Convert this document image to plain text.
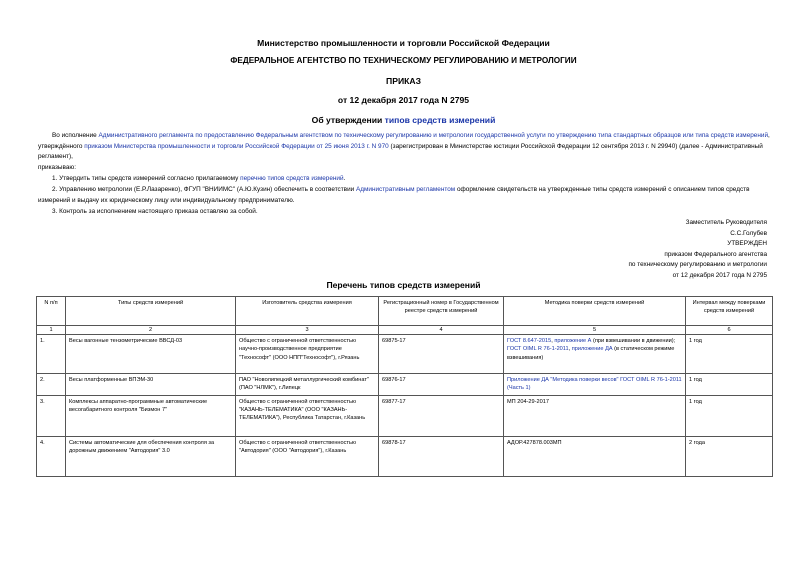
Министерство промышленности и торговли Российской Федерации
ФЕДЕРАЛЬНОЕ АГЕНТСТВО ПО ТЕХНИЧЕСКОМУ РЕГУЛИРОВАНИЮ И МЕТРОЛОГИИ
ПРИКАЗ
от 12 декабря 2017 года N 2795
Об утверждении типов средств измерений
Во исполнение Административного регламента по предоставлению Федеральным агентством по техническому регулированию и метрологии государственной услуги по утверждению типа стандартных образцов или типа средств измерений, утверждённого приказом Министерства промышленности и торговли Российской Федерации от 25 июня 2013 г. N 970 (зарегистрирован в Министерстве юстиции Российской Федерации 12 сентября 2013 г. N 29940) (далее - Административный регламент),
приказываю:
1. Утвердить типы средств измерений согласно прилагаемому перечню типов средств измерений.
2. Управлению метрологии (Е.Р.Лазаренко), ФГУП "ВНИИМС" (А.Ю.Кузин) обеспечить в соответствии Административным регламентом оформление свидетельств на утвержденные типы средств измерений с описанием типов средств измерений и выдачу их юридическому лицу или индивидуальному предпринимателю.
3. Контроль за исполнением настоящего приказа оставляю за собой.
Заместитель Руководителя
С.С.Голубев
УТВЕРЖДЕН
приказом Федерального агентства
по техническому регулированию и метрологии
от 12 декабря 2017 года N 2795
Перечень типов средств измерений
N п/п	Типы средств измерений	Изготовитель средства измерения	Регистрационный номер в Государственном реестре средств измерений	Методика поверки средств измерений	Интервал между поверками средств измерений
1	2	3	4	5	6
1.	Весы вагонные тензометрические ВВСД-03	Общество с ограниченной ответственностью научно-производственное предприятие "Технософт" (ООО НПП"Технософт"), г.Рязань	69875-17	ГОСТ 8.647-2015, приложение А (при взвешивании в движении); ГОСТ OIML R 76-1-2011, приложение ДА (в статическом режиме взвешивания)	1 год
2.	Весы платформенные ВПЭМ-30	ПАО "Новолипецкий металлургический комбинат" (ПАО "НЛМК"), г.Липецк	69876-17	Приложение ДА "Методика поверки весов" ГОСТ OIML R 76-1-2011 (Часть 1)	1 год
3.	Комплексы аппаратно-программные автоматические весогабаритного контроля "Бизмон 7"	Общество с ограниченной ответственностью "КАЗАНЬ-ТЕЛЕМАТИКА" (ООО "КАЗАНЬ-ТЕЛЕМАТИКА"), Республика Татарстан, г.Казань	69877-17	МП 204-29-2017	1 год
4.	Системы автоматические для обеспечения контроля за дорожным движением "Автодория" 3.0	Общество с ограниченной ответственностью "Автодория" (ООО "Автодория"), г.Казань	69878-17	АДОР.427878.003МП	2 года
